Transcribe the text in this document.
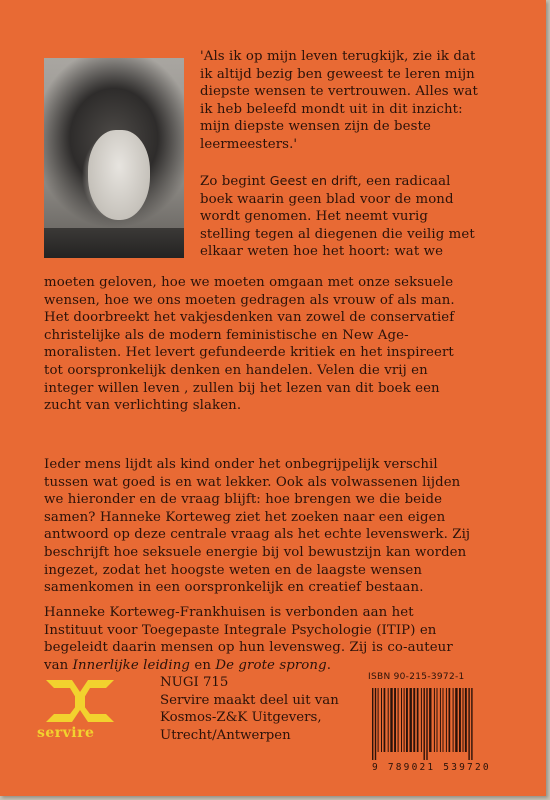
'Als ik op mijn leven terugkijk, zie ik dat
ik altijd bezig ben geweest te leren mijn
diepste wensen te vertrouwen. Alles wat
ik heb beleefd mondt uit in dit inzicht:
mijn diepste wensen zijn de beste
leermeesters.'
Zo begint Geest en drift, een radicaal
boek waarin geen blad voor de mond
wordt genomen. Het neemt vurig
stelling tegen al diegenen die veilig met
elkaar weten hoe het hoort: wat we
moeten geloven, hoe we moeten omgaan met onze seksuele
wensen, hoe we ons moeten gedragen als vrouw of als man.
Het doorbreekt het vakjesdenken van zowel de conservatief
christelijke als de modern feministische en New Age-
moralisten. Het levert gefundeerde kritiek en het inspireert
tot oorspronkelijk denken en handelen. Velen die vrij en
integer willen leven , zullen bij het lezen van dit boek een
zucht van verlichting slaken.
Ieder mens lijdt als kind onder het onbegrijpelijk verschil
tussen wat goed is en wat lekker. Ook als volwassenen lijden
we hieronder en de vraag blijft: hoe brengen we die beide
samen? Hanneke Korteweg ziet het zoeken naar een eigen
antwoord op deze centrale vraag als het echte levenswerk. Zij
beschrijft hoe seksuele energie bij vol bewustzijn kan worden
ingezet, zodat het hoogste weten en de laagste wensen
samenkomen in een oorspronkelijk en creatief bestaan.
Hanneke Korteweg-Frankhuisen is verbonden aan het
Instituut voor Toegepaste Integrale Psychologie (ITIP) en
begeleidt daarin mensen op hun levensweg. Zij is co-auteur
van Innerlijke leiding en De grote sprong.
servire
NUGI 715
Servire maakt deel uit van
Kosmos-Z&K Uitgevers,
Utrecht/Antwerpen
ISBN 90-215-3972-1
9 789021 539720
